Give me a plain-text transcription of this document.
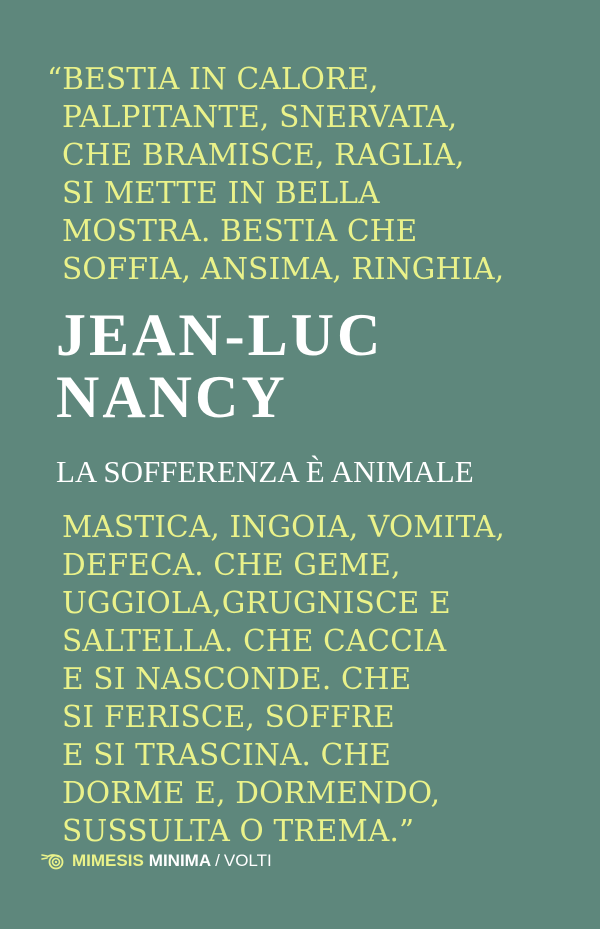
“BESTIA IN CALORE,
PALPITANTE, SNERVATA,
CHE BRAMISCE, RAGLIA,
SI METTE IN BELLA
MOSTRA. BESTIA CHE
SOFFIA, ANSIMA, RINGHIA,
JEAN-LUC
NANCY
LA SOFFERENZA È ANIMALE
MASTICA, INGOIA, VOMITA,
DEFECA. CHE GEME,
UGGIOLA,GRUGNISCE E
SALTELLA. CHE CACCIA
E SI NASCONDE. CHE
SI FERISCE, SOFFRE
E SI TRASCINA. CHE
DORME E, DORMENDO,
SUSSULTA O TREMA.”
MIMESIS MINIMA / VOLTI
